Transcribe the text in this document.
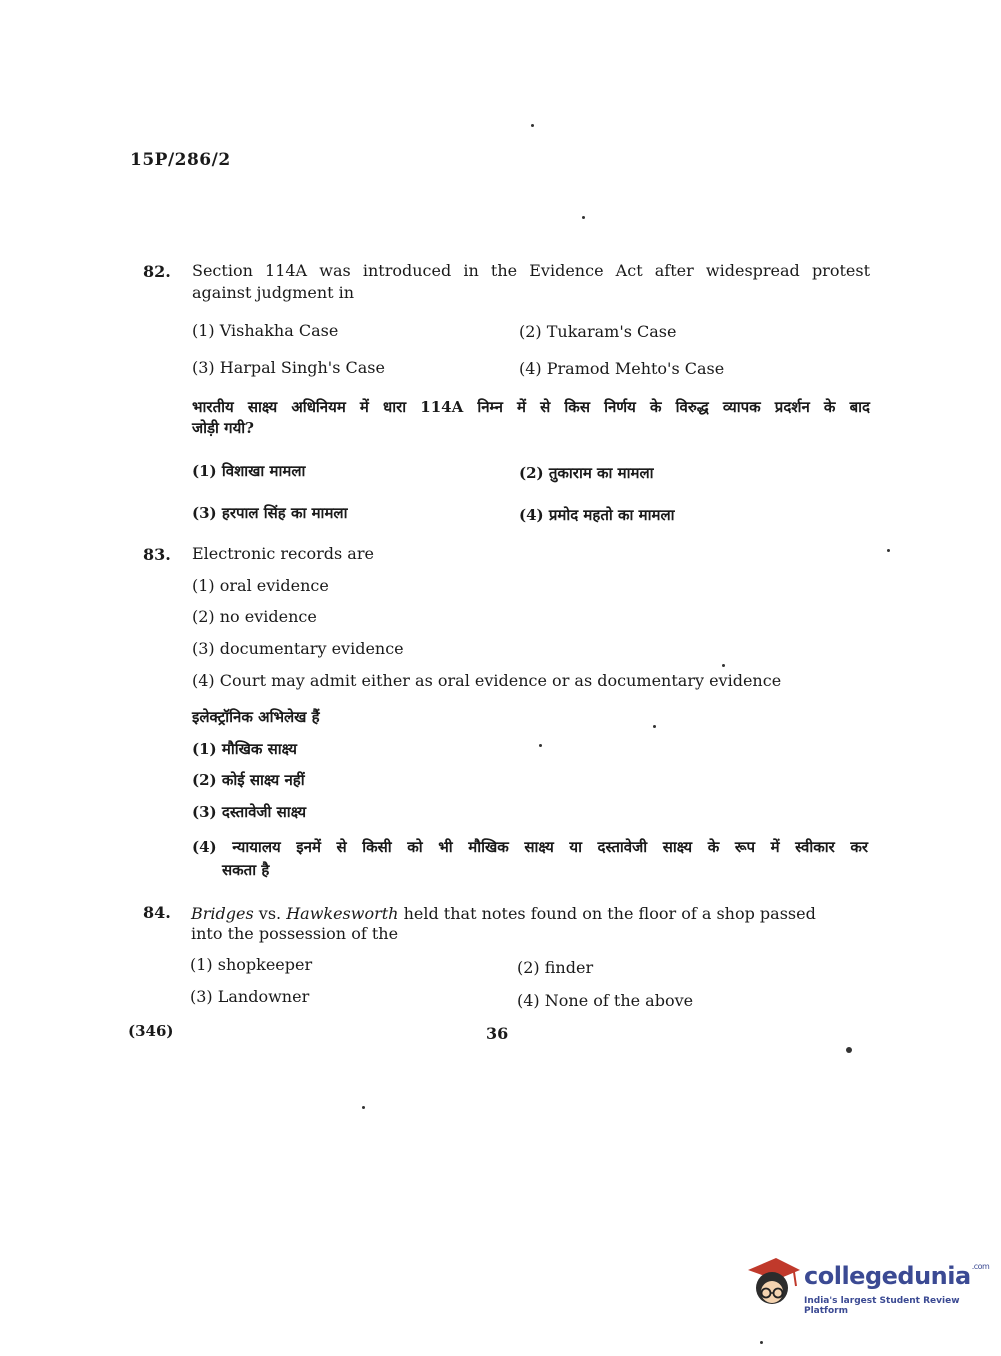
15P/286/2
82. Section 114A was introduced in the Evidence Act after widespread protest
against judgment in
(1) Vishakha Case	(2) Tukaram's Case
(3) Harpal Singh's Case	(4) Pramod Mehto's Case
भारतीय साक्ष्य अधिनियम में धारा 114A निम्न में से किस निर्णय के विरुद्ध व्यापक प्रदर्शन के बाद
जोड़ी गयी?
(1) विशाखा मामला	(2) तुकाराम का मामला
(3) हरपाल सिंह का मामला	(4) प्रमोद महतो का मामला
83. Electronic records are
(1) oral evidence
(2) no evidence
(3) documentary evidence
(4) Court may admit either as oral evidence or as documentary evidence
इलेक्ट्रॉनिक अभिलेख हैं
(1) मौखिक साक्ष्य
(2) कोई साक्ष्य नहीं
(3) दस्तावेजी साक्ष्य
(4) न्यायालय इनमें से किसी को भी मौखिक साक्ष्य या दस्तावेजी साक्ष्य के रूप में स्वीकार कर
सकता है
84. Bridges vs. Hawkesworth held that notes found on the floor of a shop passed
into the possession of the
(1) shopkeeper	(2) finder
(3) Landowner	(4) None of the above
(346)	36
collegedunia$^{.com}$
India's largest Student Review Platform
